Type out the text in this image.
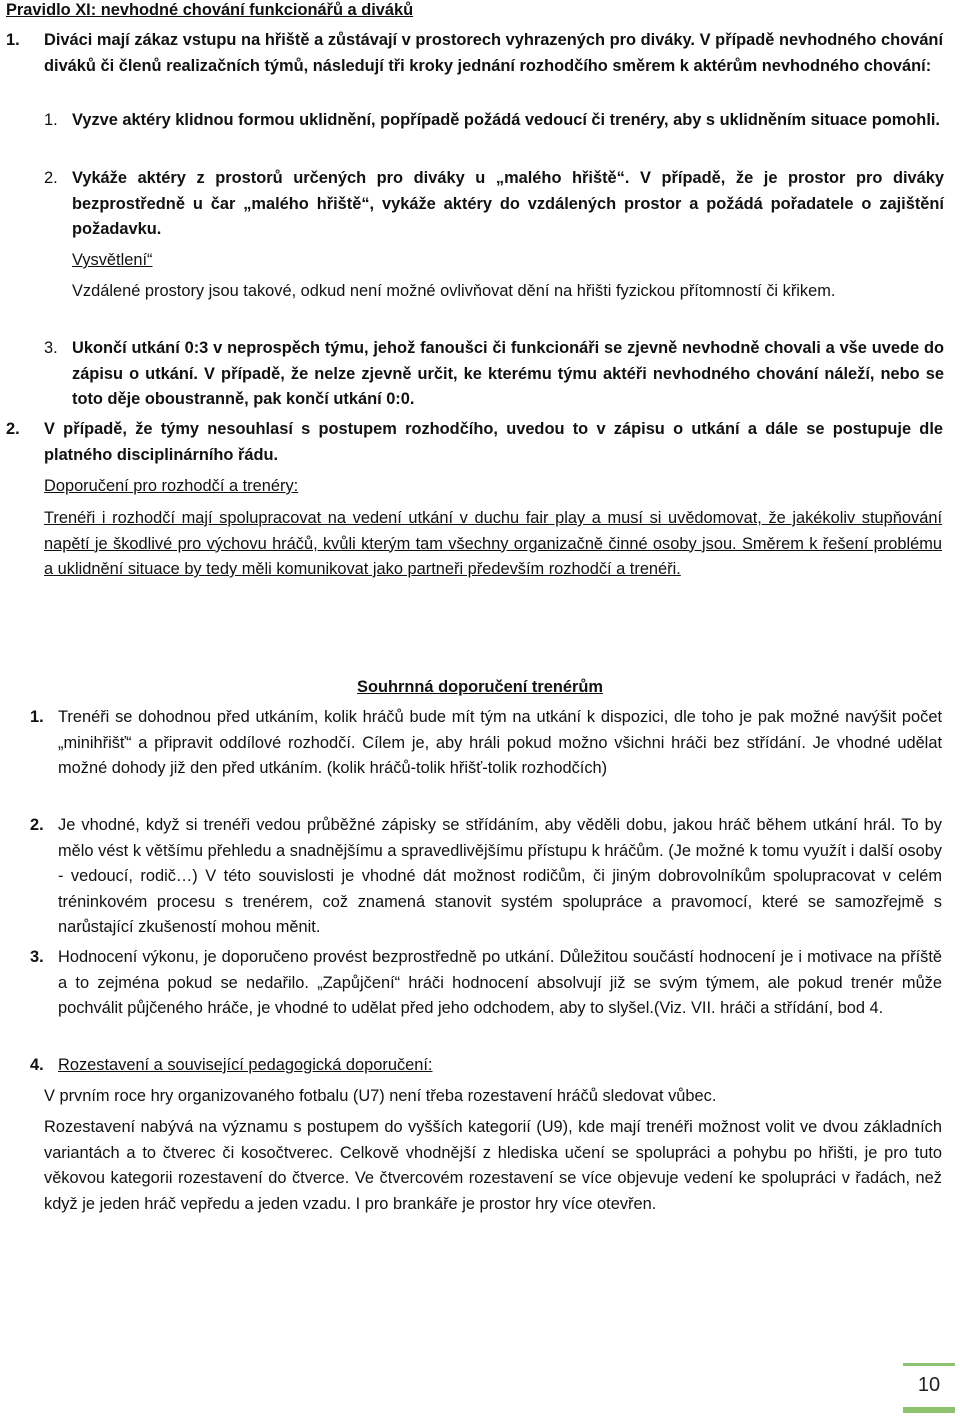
Pravidlo XI: nevhodné chování funkcionářů a diváků
1.	Diváci mají zákaz vstupu na hřiště a zůstávají v prostorech vyhrazených pro diváky. V případě nevhodného chování diváků či členů realizačních týmů, následují tři kroky jednání rozhodčího směrem k aktérům nevhodného chování:
1. Vyzve aktéry klidnou formou uklidnění, popřípadě požádá vedoucí či trenéry, aby s uklidněním situace pomohli.
2. Vykáže aktéry z prostorů určených pro diváky u „malého hřiště“. V případě, že je prostor pro diváky bezprostředně u čar „malého hřiště“, vykáže aktéry do vzdálených prostor a požádá pořadatele o zajištění požadavku.
Vysvětlení“
Vzdálené prostory jsou takové, odkud není možné ovlivňovat dění na hřišti fyzickou přítomností či křikem.
3. Ukončí utkání 0:3 v neprospěch týmu, jehož fanoušci či funkcionáři se zjevně nevhodně chovali a vše uvede do zápisu o utkání. V případě, že nelze zjevně určit, ke kterému týmu aktéři nevhodného chování náleží, nebo se toto děje oboustranně, pak končí utkání 0:0.
2.	V případě, že týmy nesouhlasí s postupem rozhodčího, uvedou to v zápisu o utkání a dále se postupuje dle platného disciplinárního řádu.
Doporučení pro rozhodčí a trenéry:
Trenéři i rozhodčí mají spolupracovat na vedení utkání v duchu fair play a musí si uvědomovat, že jakékoliv stupňování napětí je škodlivé pro výchovu hráčů, kvůli kterým tam všechny organizačně činné osoby jsou. Směrem k řešení problému a uklidnění situace by tedy měli komunikovat jako partneři především rozhodčí a trenéři.
Souhrnná doporučení trenérům
1. Trenéři se dohodnou před utkáním, kolik hráčů bude mít tým na utkání k dispozici, dle toho je pak možné navýšit počet „minihřišť“ a připravit oddílové rozhodčí. Cílem je, aby hráli pokud možno všichni hráči bez střídání. Je vhodné udělat možné dohody již den před utkáním. (kolik hráčů-tolik hřišť-tolik rozhodčích)
2. Je vhodné, když si trenéři vedou průběžné zápisky se střídáním, aby věděli dobu, jakou hráč během utkání hrál. To by mělo vést k většímu přehledu a snadnějšímu a spravedlivějšímu přístupu k hráčům. (Je možné k tomu využít i další osoby - vedoucí, rodič…) V této souvislosti je vhodné dát možnost rodičům, či jiným dobrovolníkům spolupracovat v celém tréninkovém procesu s trenérem, což znamená stanovit systém spolupráce a pravomocí, které se samozřejmě s narůstající zkušeností mohou měnit.
3. Hodnocení výkonu, je doporučeno provést bezprostředně po utkání. Důležitou součástí hodnocení je i motivace na příště a to zejména pokud se nedařilo. „Zapůjčení“ hráči hodnocení absolvují již se svým týmem, ale pokud trenér může pochválit půjčeného hráče, je vhodné to udělat před jeho odchodem, aby to slyšel.(Viz. VII. hráči a střídání, bod 4.
4. Rozestavení a související pedagogická doporučení:
V prvním roce hry organizovaného fotbalu (U7) není třeba rozestavení hráčů sledovat vůbec.
Rozestavení nabývá na významu s postupem do vyšších kategorií (U9), kde mají trenéři možnost volit ve dvou základních variantách a to čtverec či kosočtverec. Celkově vhodnější z hlediska učení se spolupráci a pohybu po hřišti, je pro tuto věkovou kategorii rozestavení do čtverce. Ve čtvercovém rozestavení se více objevuje vedení ke spolupráci v řadách, než když je jeden hráč vepředu a jeden vzadu. I pro brankáře je prostor hry více otevřen.
10
